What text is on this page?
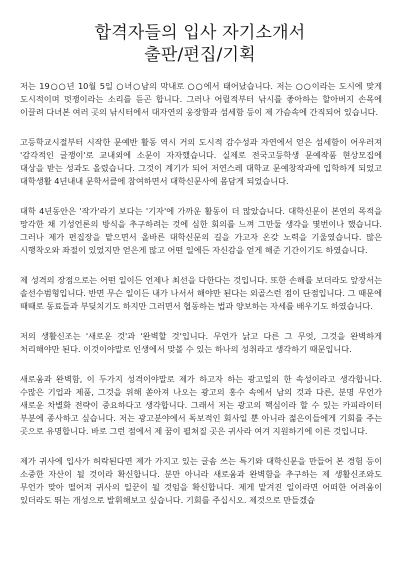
합격자들의 입사 자기소개서
출판/편집/기획

저는 19○○년 10월 5일 ○녀○남의 막내로 ○○에서 태어났습니다. 저는 ○○이라는 도시에 맞게 도시적이며 멋쟁이라는 소리를 듣곤 합니다. 그러나 어릴적부터 낚시를 좋아하는 할아버지 손목에 이끌려 다녀본 여러 곳의 낚시터에서 대자연의 웅장함과 섬세함 등이 제 가슴속에 간직되어 있습니다.

고등학교시절부터 시작한 문예반 활동 역시 거의 도시적 감수성과 자연에서 얻은 섬세함이 어우러져 '감각적인 글쟁이'로 교내외에 소문이 자자했습니다. 실제로 전국고등학생 문예작품 현상모집에 대상을 받는 성과도 올렸습니다. 그것이 계기가 되어 저연스레 대학교 문예창작과에 입학하게 되었고 대학생활 4년내내 문학서클에 참여하면서 대학신문사에 몸담게 되었습니다.

대학 4년동안은 '작가'라기 보다는 '기자'에 가까운 활동이 더 많았습니다. 대학신문이 본연의 목적을 망각한 채 기성언론의 방식을 추구하려는 것에 심한 회의를 느껴 그만둘 생각을 몇번이나 했습니다. 그러나 제가 편집장을 맡으면서 올바른 대학신문의 길을 가고자 온갖 노력을 기울였습니다. 많은 시행착오와 좌절이 있었지만 얻은게 많고 어떤 일에든 자신감을 얻게 해준 기간이기도 하였습니다.

제 성격의 장점으로는 어떤 일이든 언제나 최선을 다한다는 것입니다. 또한 손해를 보더라도 앞장서는 솔선수범형입니다. 반면 무슨 일이든 내가 나서서 해야만 된다는 외골스런 점이 단점입니다. 그 때문에 때때로 동료들과 부딪치기도 하지만 그러면서 협동하는 법과 양보하는 자세를 배우기도 하였습니다.

저의 생활신조는 '새로운 것'과 '완벽할 것'입니다. 무언가 낡고 다른 그 무엇, 그것을 완벽하게 처리해야만 된다. 이것이야말로 인생에서 맞볼 수 있는 하나의 성취라고 생각하기 때문입니다.

새로움과 완벽함, 이 두가지 성격이야말로 제가 하고자 하는 광고일의 한 속성이라고 생각합니다. 수많은 기업과 제품, 그것을 위해 쏟아져 나오는 광고의 홍수 속에서 남의 것과 다른, 분명 무언가 새로운 차별화 전략이 중요하다고 생각합니다. 그래서 저는 광고의 핵심이라 할 수 있는 카피라이터 부분에 종사하고 싶습니다. 저는 광고분야에서 독보적인 회사일 뿐 아니라 젊은이들에게 기회를 주는 곳으로 유명합니다. 바로 그런 점에서 제 꿈이 펼쳐질 곳은 귀사라 여겨 지원하기에 이른 것입니다.

제가 귀사에 입사가 허락된다면 제가 가지고 있는 글솜 쓰는 특기와 대학신문을 만들어 본 경험 등이 소중한 자산이 될 것이라 확신합니다. 분만 아니라 새로움과 완벽함을 추구하는 제 생활신조와도 무언가 맞아 떨어져 귀사의 일꾼이 될 것임을 확신합니다. 제게 맡겨진 일이라면 어떠한 어려움이 있더라도 뛰는 개성으로 발휘해보고 싶습니다. 기회를 주십시오. 제것으로 만들겠습
